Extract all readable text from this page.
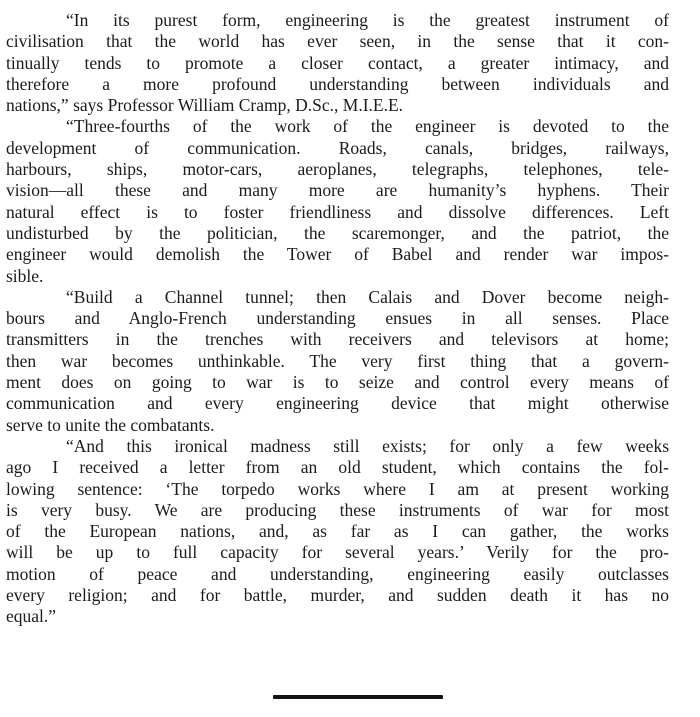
“In its purest form, engineering is the greatest instrument of
civilisation that the world has ever seen, in the sense that it con-
tinually tends to promote a closer contact, a greater intimacy, and
therefore a more profound understanding between individuals and
nations,” says Professor William Cramp, D.Sc., M.I.E.E.

“Three-fourths of the work of the engineer is devoted to the
development of communication. Roads, canals, bridges, railways,
harbours, ships, motor-cars, aeroplanes, telegraphs, telephones, tele-
vision—all these and many more are humanity’s hyphens. Their
natural effect is to foster friendliness and dissolve differences. Left
undisturbed by the politician, the scaremonger, and the patriot, the
engineer would demolish the Tower of Babel and render war impos-
sible.

“Build a Channel tunnel; then Calais and Dover become neigh-
bours and Anglo-French understanding ensues in all senses. Place
transmitters in the trenches with receivers and televisors at home;
then war becomes unthinkable. The very first thing that a govern-
ment does on going to war is to seize and control every means of
communication and every engineering device that might otherwise
serve to unite the combatants.

“And this ironical madness still exists; for only a few weeks
ago I received a letter from an old student, which contains the fol-
lowing sentence: ‘The torpedo works where I am at present working
is very busy. We are producing these instruments of war for most
of the European nations, and, as far as I can gather, the works
will be up to full capacity for several years.’ Verily for the pro-
motion of peace and understanding, engineering easily outclasses
every religion; and for battle, murder, and sudden death it has no
equal.”
